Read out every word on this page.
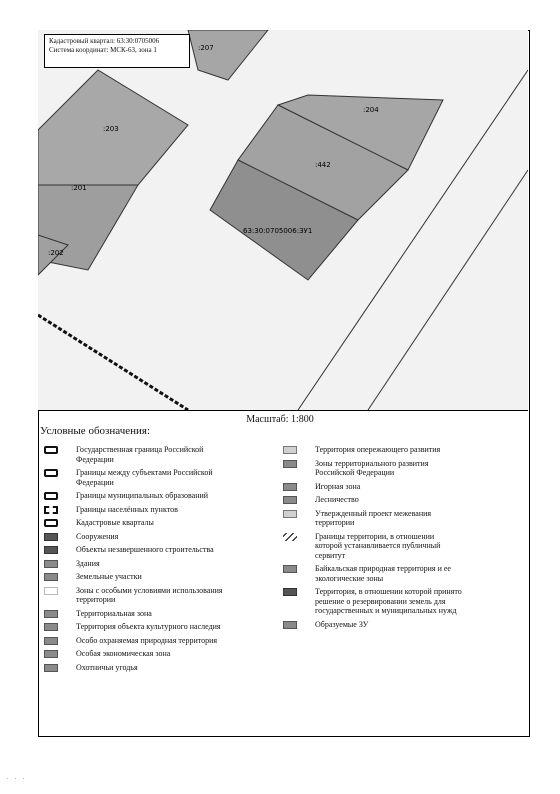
:207
:203
:201
:202
:204
:442
63:30:0705006:ЗУ1
Кадастровый квартал: 63:30:0705006
Система координат: МСК-63, зона 1
Масштаб: 1:800
Условные обозначения:
Государственная граница Российской Федерации
Границы между субъектами Российской Федерации
Границы муниципальных образований
Границы населённых пунктов
Кадастровые кварталы
Сооружения
Объекты незавершенного строительства
Здания
Земельные участки
Зоны с особыми условиями использования территории
Территориальная зона
Территория объекта культурного наследия
Особо охраняемая природная территория
Особая экономическая зона
Охотничьи угодья
Территория опережающего развития
Зоны территориального развития Российской Федерации
Игорная зона
Лесничество
Утвержденный проект межевания территории
Границы территории, в отношении которой устанавливается публичный сервитут
Байкальская природная территория и ее экологические зоны
Территория, в отношении которой принято решение о резервировании земель для государственных и муниципальных нужд
Образуемые ЗУ
· · ·
